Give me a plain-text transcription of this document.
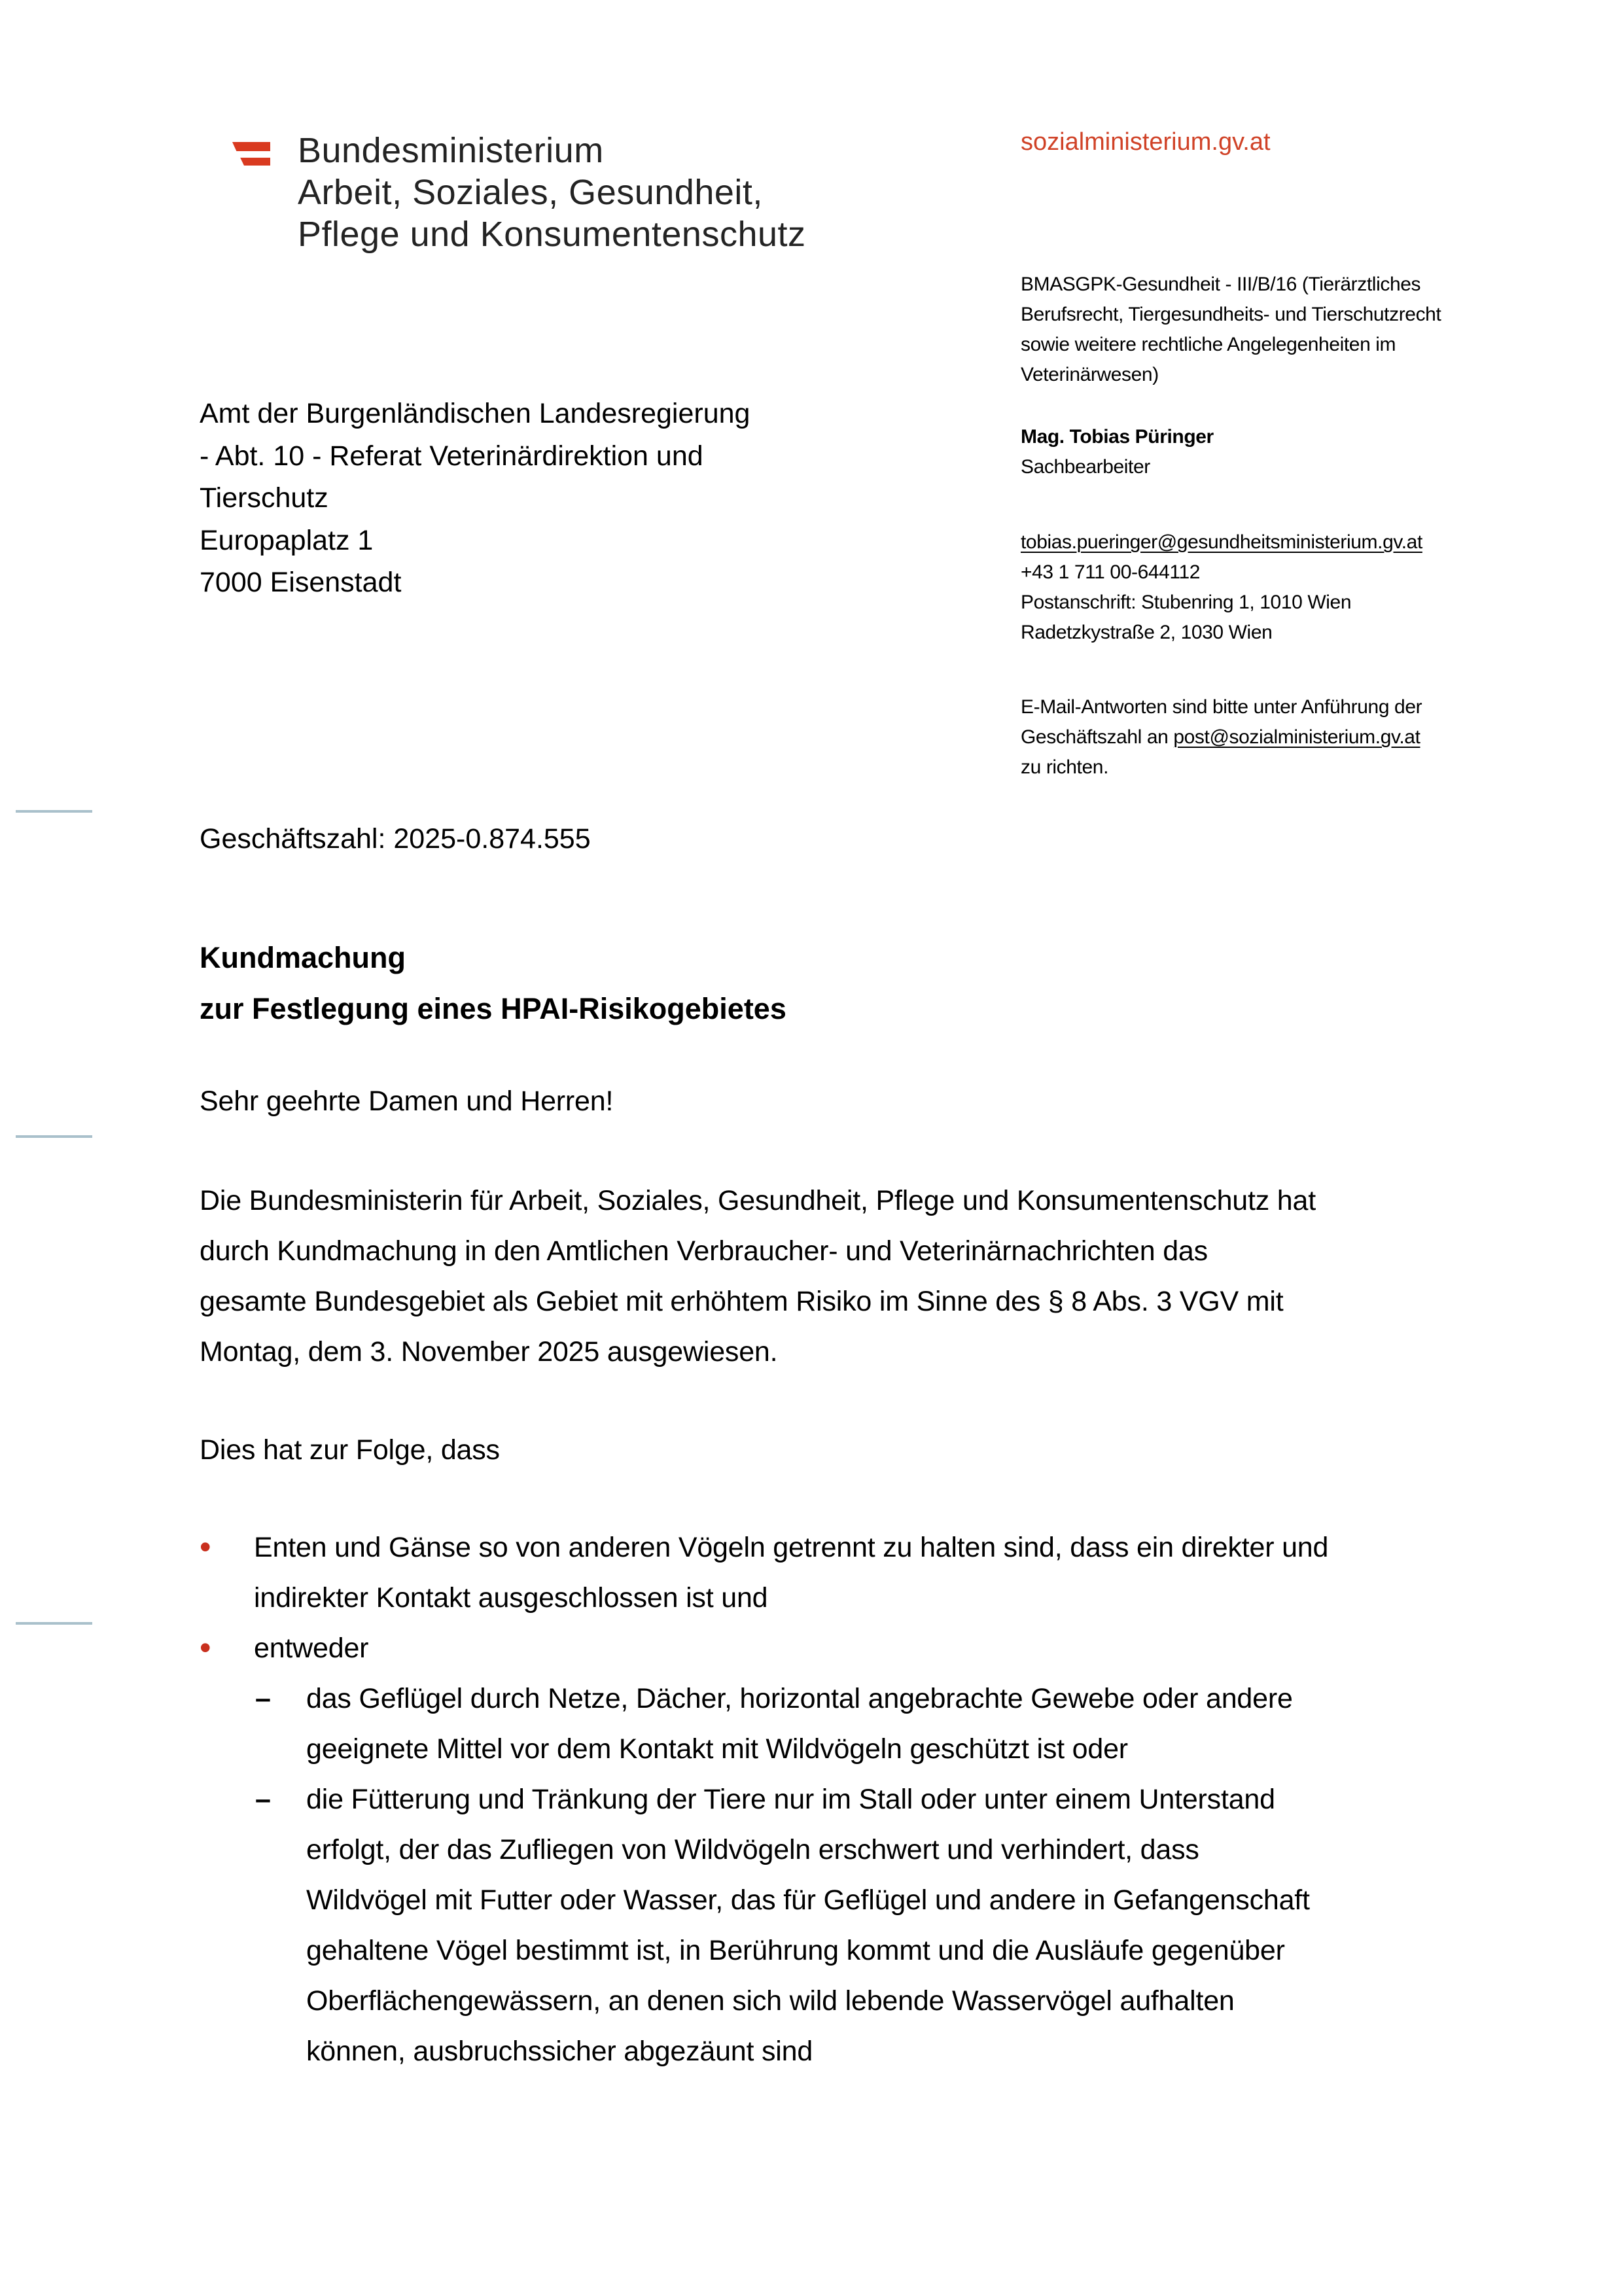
Bundesministerium
Arbeit, Soziales, Gesundheit,
Pflege und Konsumentenschutz
sozialministerium.gv.at
Amt der Burgenländischen Landesregierung
- Abt. 10 - Referat Veterinärdirektion und
Tierschutz
Europaplatz 1
7000 Eisenstadt
BMASGPK-Gesundheit - III/B/16 (Tierärztliches
Berufsrecht, Tiergesundheits- und Tierschutzrecht
sowie weitere rechtliche Angelegenheiten im
Veterinärwesen)
Mag. Tobias Püringer
Sachbearbeiter
tobias.pueringer@gesundheitsministerium.gv.at
+43 1 711 00-644112
Postanschrift: Stubenring 1, 1010 Wien
Radetzkystraße 2, 1030 Wien
E-Mail-Antworten sind bitte unter Anführung der
Geschäftszahl an post@sozialministerium.gv.at
zu richten.
Geschäftszahl: 2025-0.874.555
Kundmachung
zur Festlegung eines HPAI-Risikogebietes
Sehr geehrte Damen und Herren!
Die Bundesministerin für Arbeit, Soziales, Gesundheit, Pflege und Konsumentenschutz hat
durch Kundmachung in den Amtlichen Verbraucher- und Veterinärnachrichten das
gesamte Bundesgebiet als Gebiet mit erhöhtem Risiko im Sinne des § 8 Abs. 3 VGV mit
Montag, dem 3. November 2025 ausgewiesen.
Dies hat zur Folge, dass
•	Enten und Gänse so von anderen Vögeln getrennt zu halten sind, dass ein direkter und
indirekter Kontakt ausgeschlossen ist und
•	entweder
–	das Geflügel durch Netze, Dächer, horizontal angebrachte Gewebe oder andere
geeignete Mittel vor dem Kontakt mit Wildvögeln geschützt ist oder
–	die Fütterung und Tränkung der Tiere nur im Stall oder unter einem Unterstand
erfolgt, der das Zufliegen von Wildvögeln erschwert und verhindert, dass
Wildvögel mit Futter oder Wasser, das für Geflügel und andere in Gefangenschaft
gehaltene Vögel bestimmt ist, in Berührung kommt und die Ausläufe gegenüber
Oberflächengewässern, an denen sich wild lebende Wasservögel aufhalten
können, ausbruchssicher abgezäunt sind
